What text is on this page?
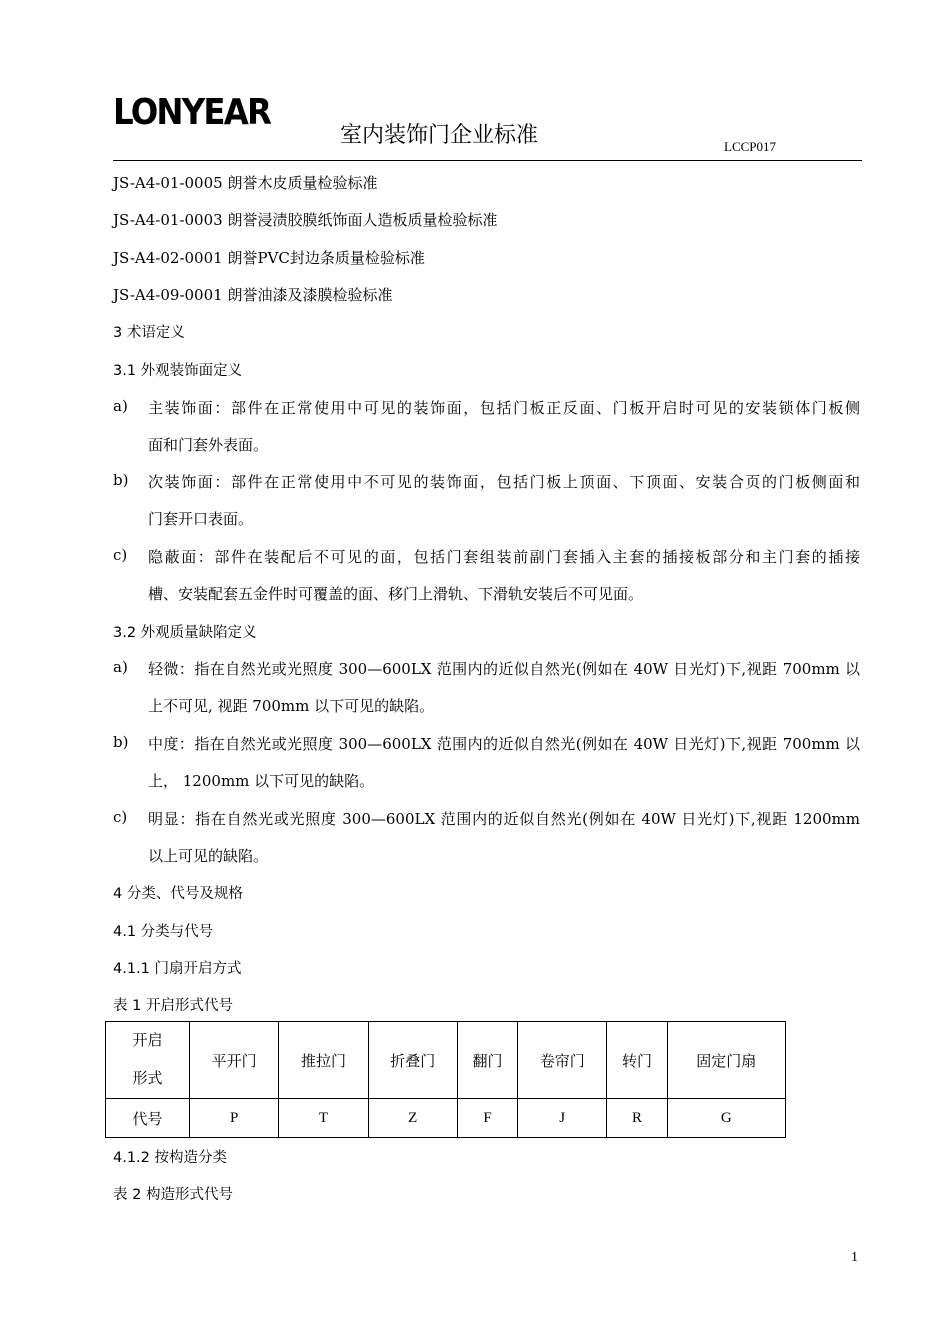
LONYEAR
室内装饰门企业标准	LCCP017
JS-A4-01-0005 朗誉木皮质量检验标准
JS-A4-01-0003 朗誉浸渍胶膜纸饰面人造板质量检验标准
JS-A4-02-0001 朗誉PVC封边条质量检验标准
JS-A4-09-0001 朗誉油漆及漆膜检验标准
3 术语定义
3.1 外观装饰面定义
a) 主装饰面：部件在正常使用中可见的装饰面，包括门板正反面、门板开启时可见的安装锁体门板侧
面和门套外表面。
b) 次装饰面：部件在正常使用中不可见的装饰面，包括门板上顶面、下顶面、安装合页的门板侧面和
门套开口表面。
c) 隐蔽面：部件在装配后不可见的面，包括门套组装前副门套插入主套的插接板部分和主门套的插接
槽、安装配套五金件时可覆盖的面、移门上滑轨、下滑轨安装后不可见面。
3.2 外观质量缺陷定义
a) 轻微：指在自然光或光照度 300—600LX 范围内的近似自然光(例如在 40W 日光灯)下,视距 700mm 以
上不可见, 视距 700mm 以下可见的缺陷。
b) 中度：指在自然光或光照度 300—600LX 范围内的近似自然光(例如在 40W 日光灯)下,视距 700mm 以
上， 1200mm 以下可见的缺陷。
c) 明显：指在自然光或光照度 300—600LX 范围内的近似自然光(例如在 40W 日光灯)下,视距 1200mm
以上可见的缺陷。
4 分类、代号及规格
4.1 分类与代号
4.1.1 门扇开启方式
表 1 开启形式代号
开启
形式	平开门	推拉门	折叠门	翻门	卷帘门	转门	固定门扇
代号	P	T	Z	F	J	R	G
4.1.2 按构造分类
表 2 构造形式代号
1
